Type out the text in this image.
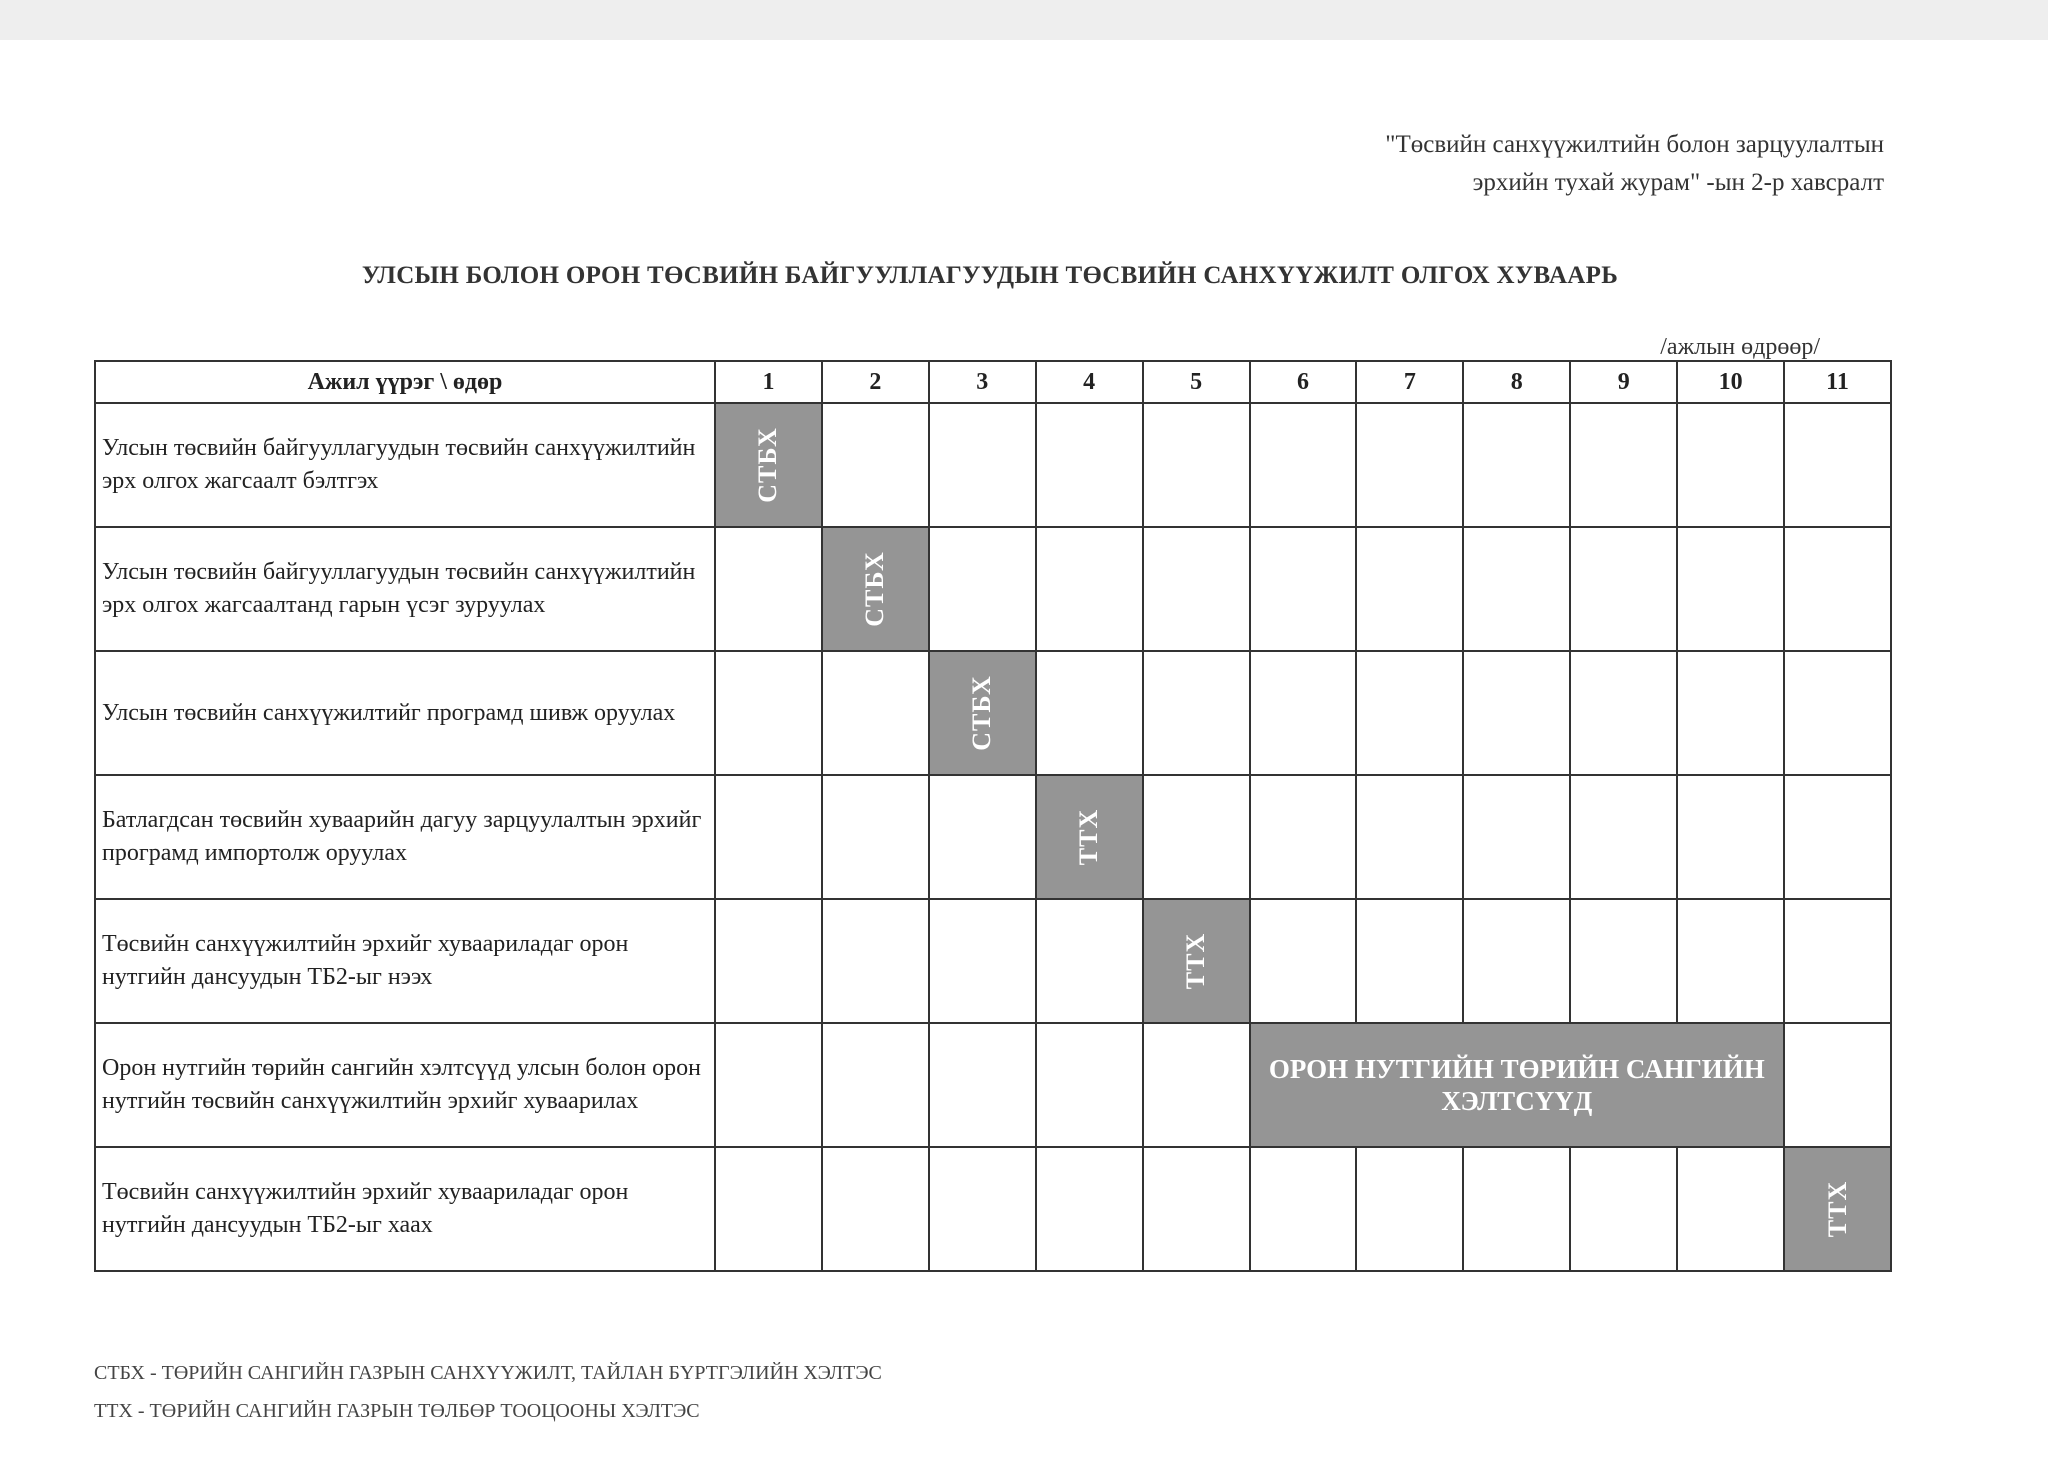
"Төсвийн санхүүжилтийн болон зарцуулалтын
эрхийн тухай журам" -ын 2-р хавсралт
УЛСЫН БОЛОН ОРОН ТӨСВИЙН БАЙГУУЛЛАГУУДЫН ТӨСВИЙН САНХҮҮЖИЛТ ОЛГОХ ХУВААРЬ
/ажлын өдрөөр/
Ажил үүрэг \ өдөр	1	2	3	4	5	6	7	8	9	10	11
Улсын төсвийн байгууллагуудын төсвийн санхүүжилтийн эрх олгох жагсаалт бэлтгэх	СТБХ										

Улсын төсвийн байгууллагуудын төсвийн санхүүжилтийн эрх олгох жагсаалтанд гарын үсэг зуруулах		СТБХ									

Улсын төсвийн санхүүжилтийг програмд шивж оруулах			СТБХ								

Батлагдсан төсвийн хуваарийн дагуу зарцуулалтын эрхийг програмд импортолж оруулах				ТТХ							

Төсвийн санхүүжилтийн эрхийг хуваариладаг орон нутгийн дансуудын ТБ2-ыг нээх					ТТХ						

Орон нутгийн төрийн сангийн хэлтсүүд улсын болон орон нутгийн төсвийн санхүүжилтийн эрхийг хуваарилах						ОРОН НУТГИЙН ТӨРИЙН САНГИЙН ХЭЛТСҮҮД					

Төсвийн санхүүжилтийн эрхийг хуваариладаг орон нутгийн дансуудын ТБ2-ыг хаах											ТТХ
СТБХ - ТӨРИЙН САНГИЙН ГАЗРЫН САНХҮҮЖИЛТ, ТАЙЛАН БҮРТГЭЛИЙН ХЭЛТЭС
ТТХ - ТӨРИЙН САНГИЙН ГАЗРЫН ТӨЛБӨР ТООЦООНЫ ХЭЛТЭС
